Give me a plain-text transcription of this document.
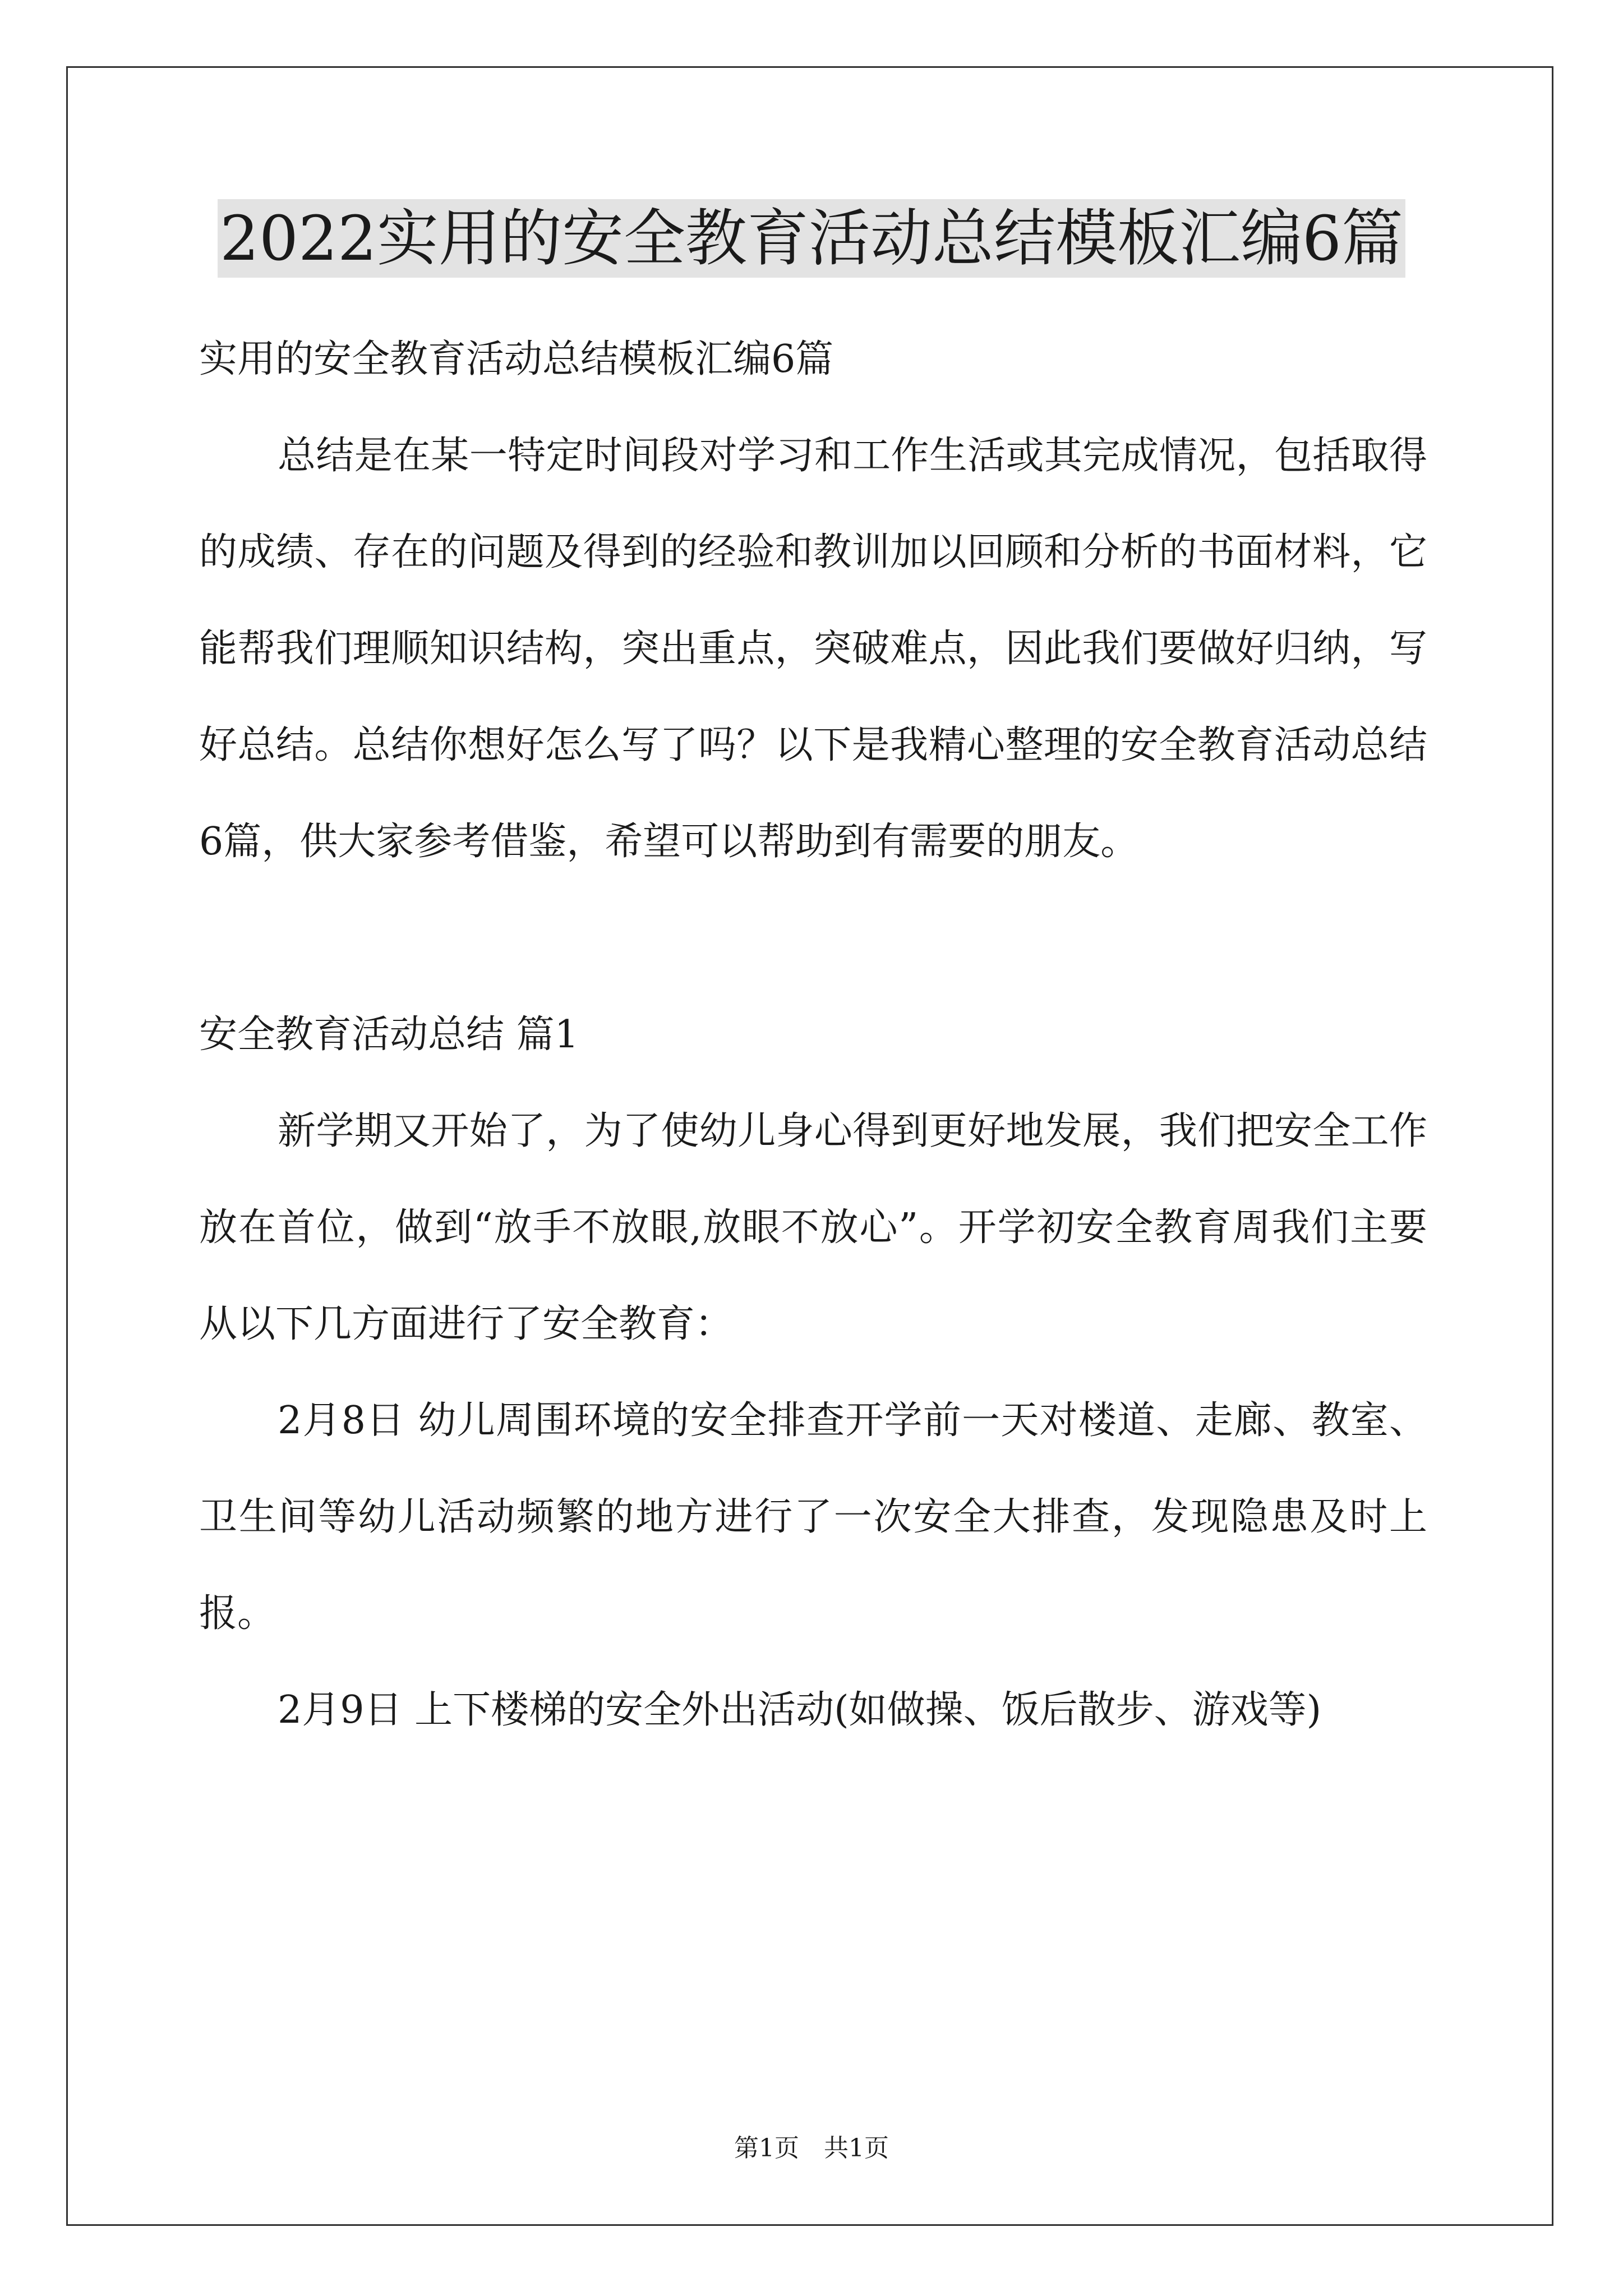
2022实用的安全教育活动总结模板汇编6篇

实用的安全教育活动总结模板汇编6篇

总结是在某一特定时间段对学习和工作生活或其完成情况，包括取得的成绩、存在的问题及得到的经验和教训加以回顾和分析的书面材料，它能帮我们理顺知识结构，突出重点，突破难点，因此我们要做好归纳，写好总结。总结你想好怎么写了吗？以下是我精心整理的安全教育活动总结6篇，供大家参考借鉴，希望可以帮助到有需要的朋友。

安全教育活动总结 篇1

新学期又开始了，为了使幼儿身心得到更好地发展，我们把安全工作放在首位，做到“放手不放眼,放眼不放心”。开学初安全教育周我们主要从以下几方面进行了安全教育：

2月8日 幼儿周围环境的安全排查开学前一天对楼道、走廊、教室、卫生间等幼儿活动频繁的地方进行了一次安全大排查，发现隐患及时上报。

2月9日 上下楼梯的安全外出活动(如做操、饭后散步、游戏等)

第1页　共1页
